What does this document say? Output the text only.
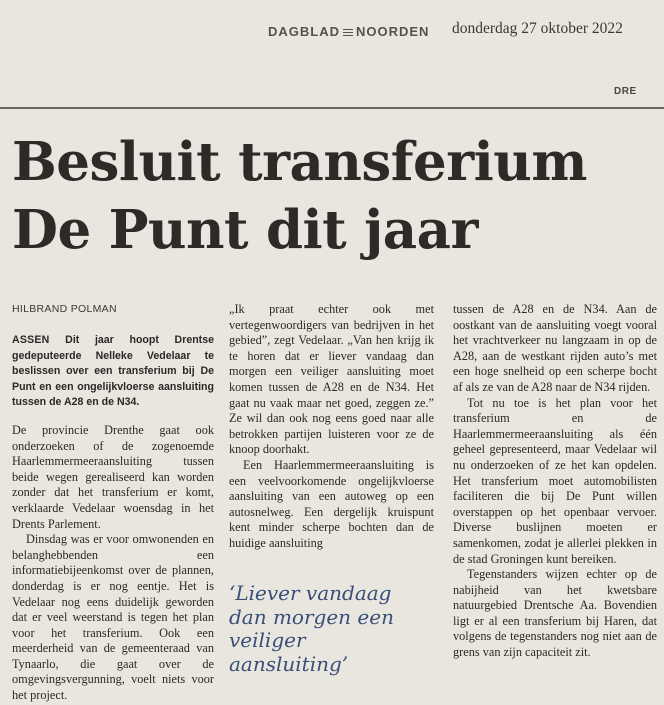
DAGBLAD NOORDEN donderdag 27 oktober 2022
DRE
Besluit transferium
De Punt dit jaar
HILBRAND POLMAN

ASSEN Dit jaar hoopt Drentse gedeputeerde Nelleke Vedelaar te beslissen over een transferium bij De Punt en een ongelijkvloerse aansluiting tussen de A28 en de N34.

De provincie Drenthe gaat ook onderzoeken of de zogenoemde Haarlemmermeeraansluiting tussen beide wegen gerealiseerd kan worden zonder dat het transferium er komt, verklaarde Vedelaar woensdag in het Drents Parlement.

Dinsdag was er voor omwonenden en belanghebbenden een informatiebijeenkomst over de plannen, donderdag is er nog eentje. Het is Vedelaar nog eens duidelijk geworden dat er veel weerstand is tegen het plan voor het transferium. Ook een meerderheid van de gemeenteraad van Tynaarlo, die gaat over de omgevingsvergunning, voelt niets voor het project.

„Ik praat echter ook met vertegenwoordigers van bedrijven in het gebied”, zegt Vedelaar. „Van hen krijg ik te horen dat er liever vandaag dan morgen een veiliger aansluiting moet komen tussen de A28 en de N34. Het gaat nu vaak maar net goed, zeggen ze.” Ze wil dan ook nog eens goed naar alle betrokken partijen luisteren voor ze de knoop doorhakt.

Een Haarlemmermeeraansluiting is een veelvoorkomende ongelijkvloerse aansluiting van een autoweg op een autosnelweg. Een dergelijk kruispunt kent minder scherpe bochten dan de huidige aansluiting

‘Liever vandaag
dan morgen een
veiliger
aansluiting’

tussen de A28 en de N34. Aan de oostkant van de aansluiting voegt vooral het vrachtverkeer nu langzaam in op de A28, aan de westkant rijden auto’s met een hoge snelheid op een scherpe bocht af als ze van de A28 naar de N34 rijden.

Tot nu toe is het plan voor het transferium en de Haarlemmermeeraansluiting als één geheel gepresenteerd, maar Vedelaar wil nu onderzoeken of ze het kan opdelen. Het transferium moet automobilisten faciliteren die bij De Punt willen overstappen op het openbaar vervoer. Diverse buslijnen moeten er samenkomen, zodat je allerlei plekken in de stad Groningen kunt bereiken.

Tegenstanders wijzen echter op de nabijheid van het kwetsbare natuurgebied Drentsche Aa. Bovendien ligt er al een transferium bij Haren, dat volgens de tegenstanders nog niet aan de grens van zijn capaciteit zit.
